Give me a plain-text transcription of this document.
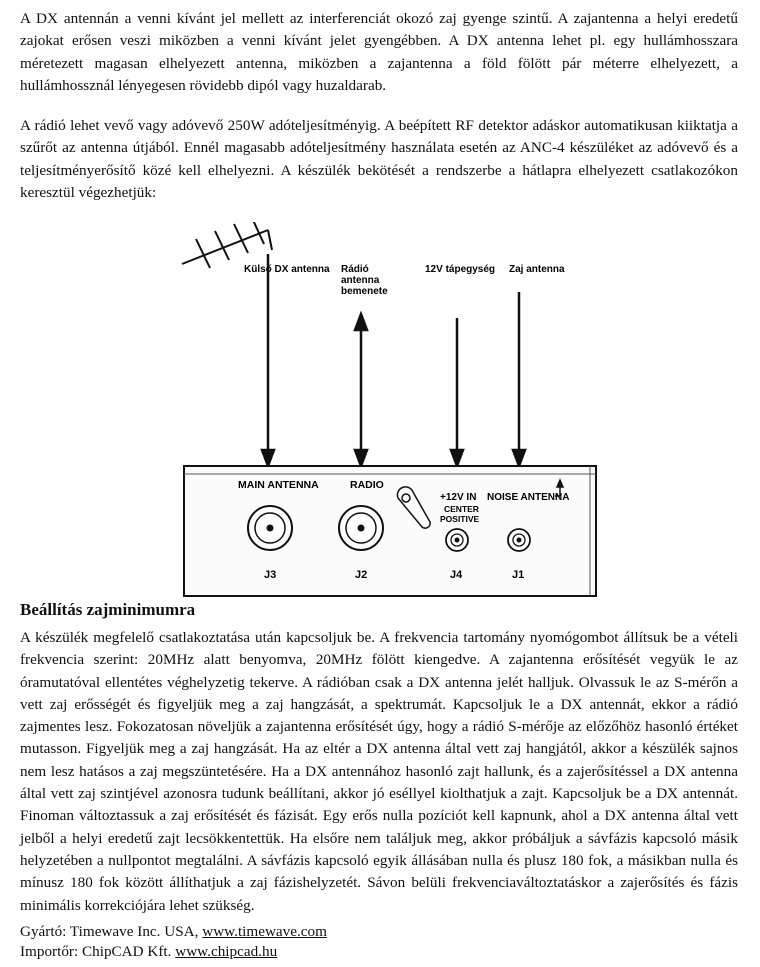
A DX antennán a venni kívánt jel mellett az interferenciát okozó zaj gyenge szintű. A zajantenna a helyi eredetű zajokat erősen veszi miközben a venni kívánt jelet gyengébben. A DX antenna lehet pl. egy hullámhosszara méretezett magasan elhelyezett antenna, miközben a zajantenna a föld fölött pár méterre elhelyezett, a hullámhossznál lényegesen rövidebb dipól vagy huzaldarab.

A rádió lehet vevő vagy adóvevő 250W adóteljesítményig. A beépített RF detektor adáskor automatikusan kiiktatja a szűrőt az antenna útjából. Ennél magasabb adóteljesítmény használata esetén az ANC-4 készüléket az adóvevő és a teljesítményerősítő közé kell elhelyezni. A készülék bekötését a rendszerbe a hátlapra elhelyezett csatlakozókon keresztül végezhetjük:

Külső DX antenna Rádió
antenna
bemenete
12V tápegység Zaj antenna
MAIN ANTENNA	RADIO
+12V IN
CENTER
POSITIVE
NOISE ANTENNA
J3	J2	J4	J1
Beállítás zajminimumra

A készülék megfelelő csatlakoztatása után kapcsoljuk be. A frekvencia tartomány nyomógombot állítsuk be a vételi frekvencia szerint: 20MHz alatt benyomva, 20MHz fölött kiengedve. A zajantenna erősítését vegyük le az óramutatóval ellentétes véghelyzetig tekerve. A rádióban csak a DX antenna jelét halljuk. Olvassuk le az S-mérőn a vett zaj erősségét és figyeljük meg a zaj hangzását, a spektrumát. Kapcsoljuk le a DX antennát, ekkor a rádió zajmentes lesz. Fokozatosan növeljük a zajantenna erősítését úgy, hogy a rádió S-mérője az előzőhöz hasonló értéket mutasson. Figyeljük meg a zaj hangzását. Ha az eltér a DX antenna által vett zaj hangjától, akkor a készülék sajnos nem lesz hatásos a zaj megszüntetésére. Ha a DX antennához hasonló zajt hallunk, és a zajerősítéssel a DX antenna által vett zaj szintjével azonosra tudunk beállítani, akkor jó eséllyel kiolthatjuk a zajt. Kapcsoljuk be a DX antennát. Finoman változtassuk a zaj erősítését és fázisát. Egy erős nulla pozíciót kell kapnunk, ahol a DX antenna által vett jelből a helyi eredetű zajt lecsökkentettük. Ha elsőre nem találjuk meg, akkor próbáljuk a sávfázis kapcsoló másik helyzetében a nullpontot megtalálni. A sávfázis kapcsoló egyik állásában nulla és plusz 180 fok, a másikban nulla és mínusz 180 fok között állíthatjuk a zaj fázishelyzetét. Sávon belüli frekvenciaváltoztatáskor a zajerősítés és fázis minimális korrekciójára lehet szükség.

Gyártó: Timewave Inc. USA, www.timewave.com

Importőr: ChipCAD Kft. www.chipcad.hu
